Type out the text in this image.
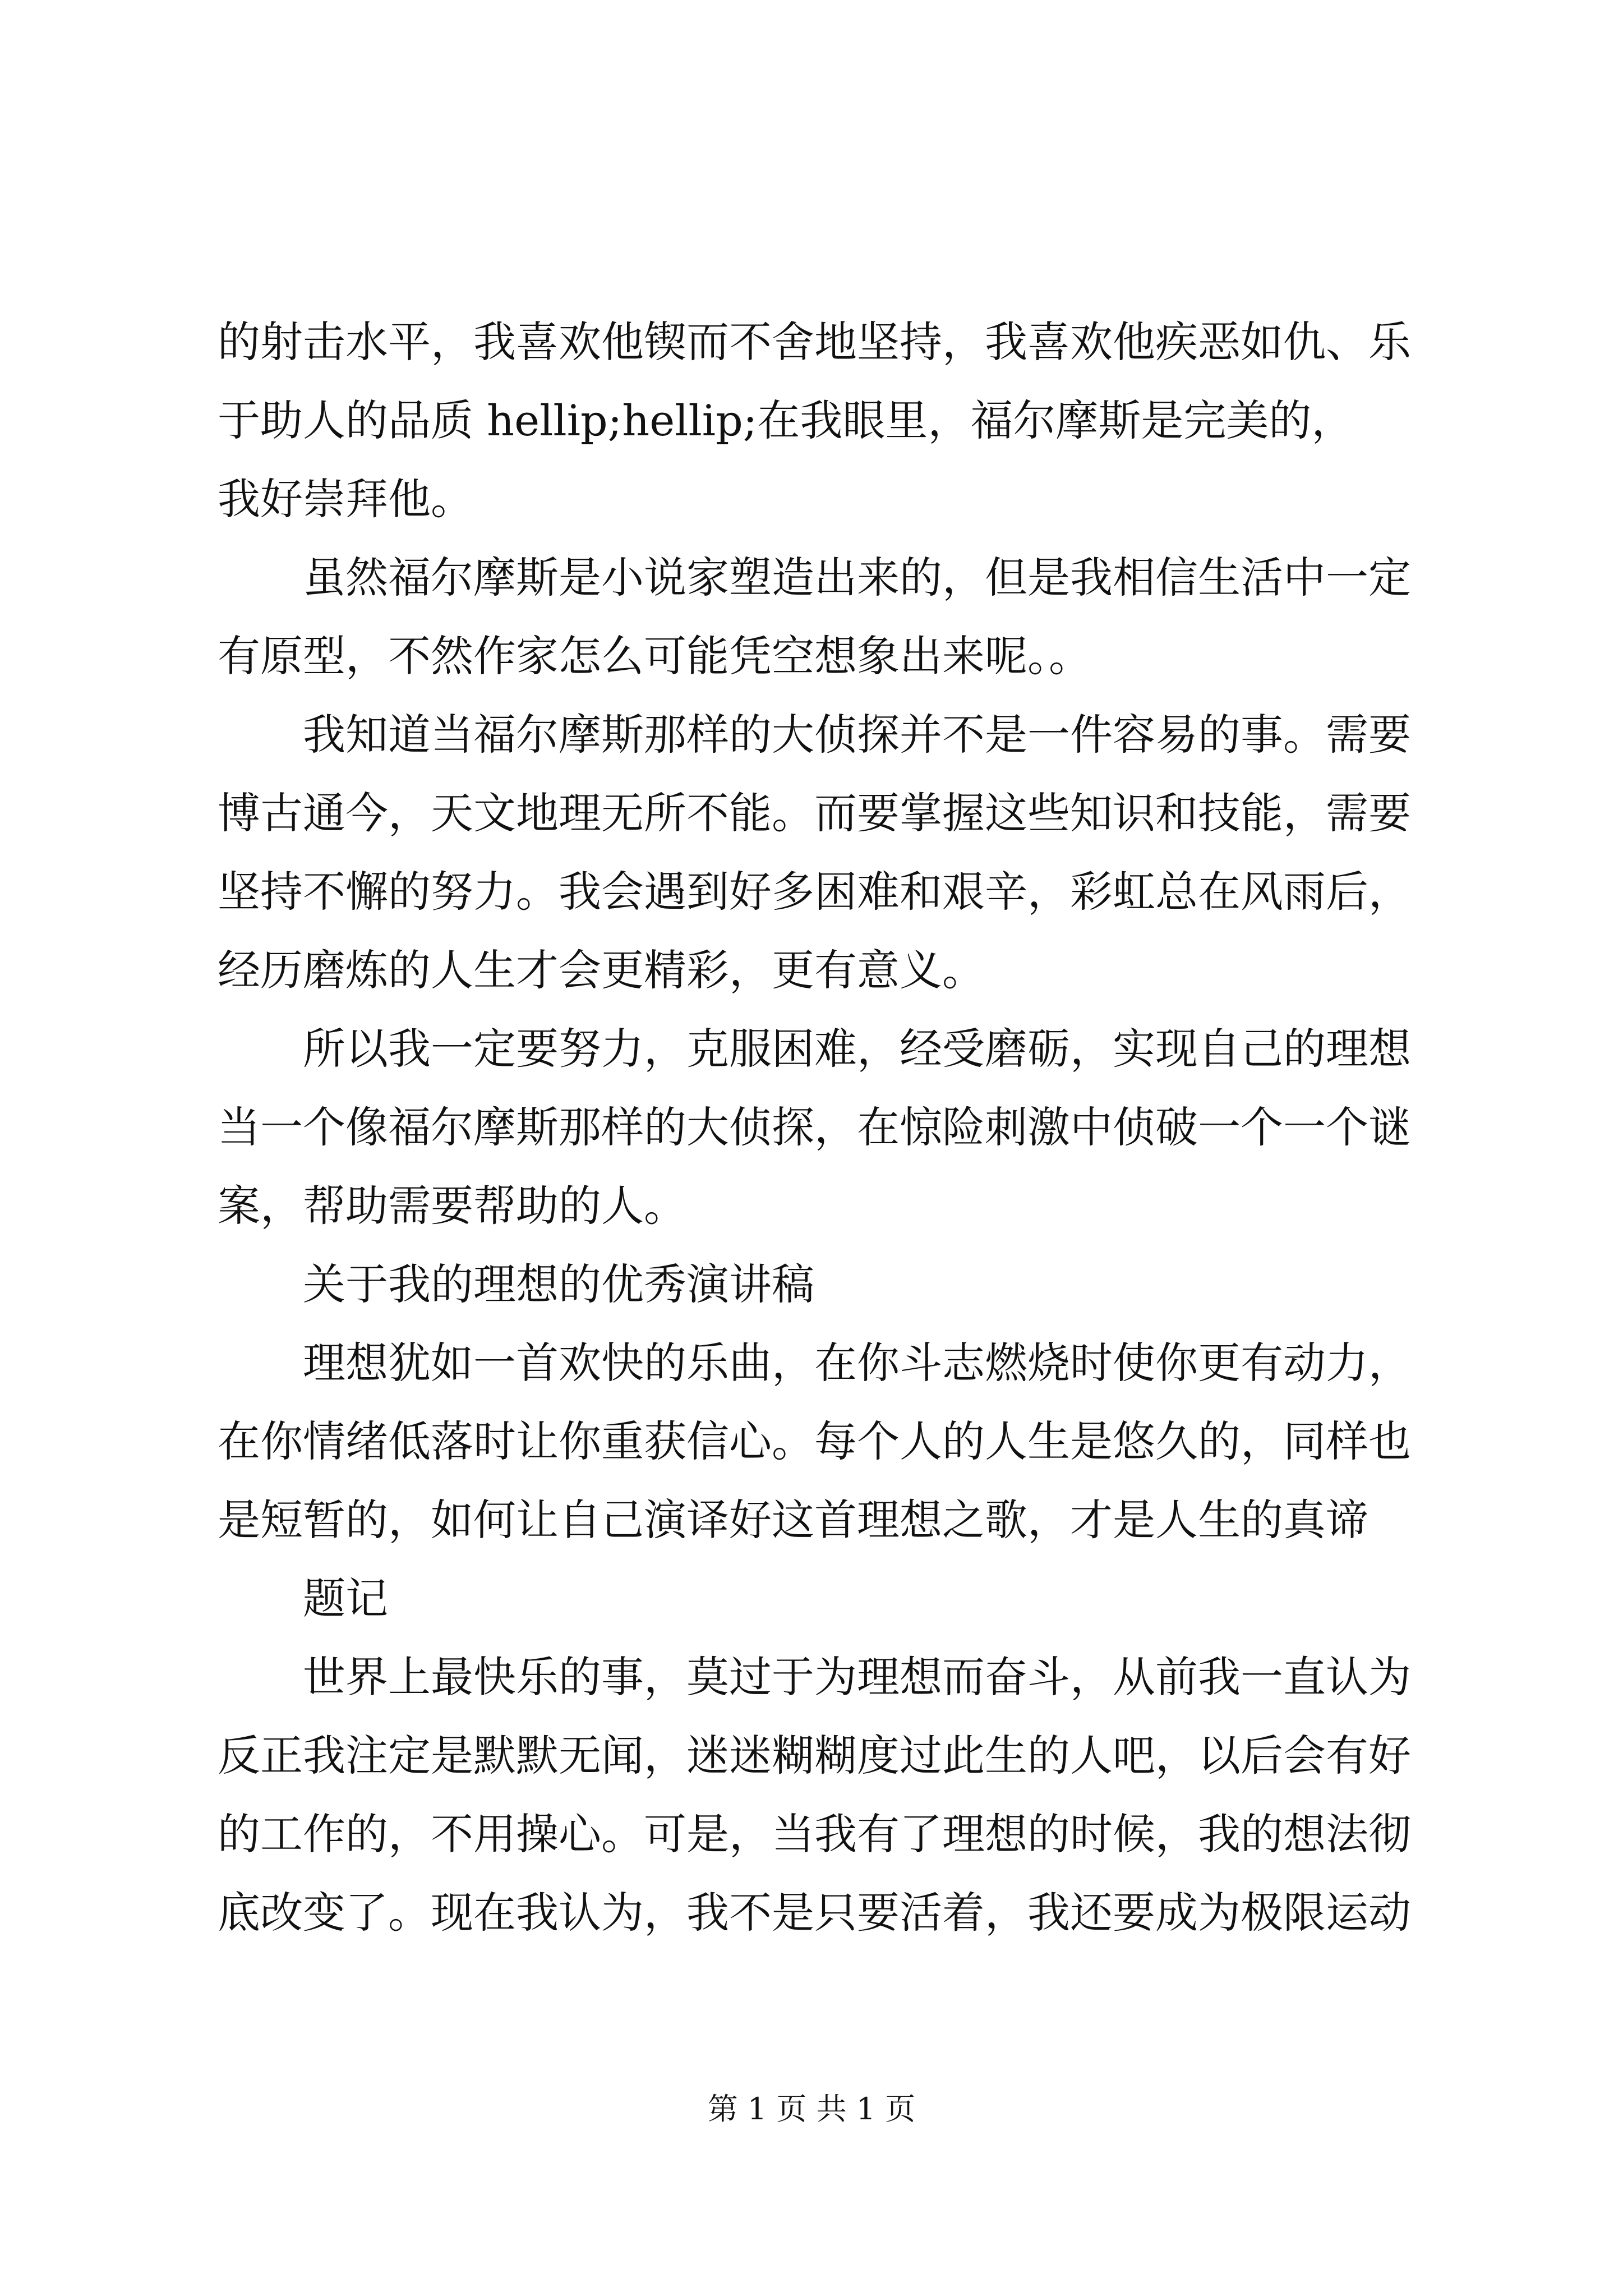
的射击水平，我喜欢他锲而不舍地坚持，我喜欢他疾恶如仇、乐
于助人的品质 hellip;hellip;在我眼里，福尔摩斯是完美的，
我好崇拜他。
虽然福尔摩斯是小说家塑造出来的，但是我相信生活中一定
有原型，不然作家怎么可能凭空想象出来呢。。
我知道当福尔摩斯那样的大侦探并不是一件容易的事。需要
博古通今，天文地理无所不能。而要掌握这些知识和技能，需要
坚持不懈的努力。我会遇到好多困难和艰辛，彩虹总在风雨后，
经历磨炼的人生才会更精彩，更有意义。
所以我一定要努力，克服困难，经受磨砺，实现自己的理想
当一个像福尔摩斯那样的大侦探，在惊险刺激中侦破一个一个谜
案，帮助需要帮助的人。
关于我的理想的优秀演讲稿
理想犹如一首欢快的乐曲，在你斗志燃烧时使你更有动力，
在你情绪低落时让你重获信心。每个人的人生是悠久的，同样也
是短暂的，如何让自己演译好这首理想之歌，才是人生的真谛
题记
世界上最快乐的事，莫过于为理想而奋斗，从前我一直认为
反正我注定是默默无闻，迷迷糊糊度过此生的人吧，以后会有好
的工作的，不用操心。可是，当我有了理想的时候，我的想法彻
底改变了。现在我认为，我不是只要活着，我还要成为极限运动
第 1 页 共 1 页
